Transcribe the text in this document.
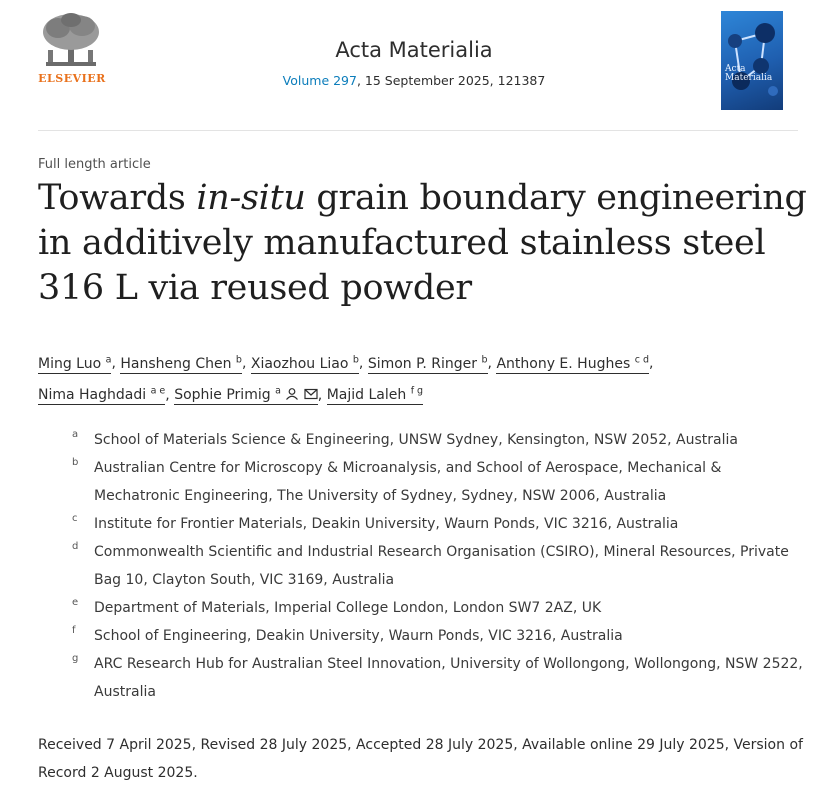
ELSEVIER
Acta Materialia
Volume 297, 15 September 2025, 121387
Acta Materialia
Full length article
Towards in-situ grain boundary engineering in additively manufactured stainless steel 316 L via reused powder
Ming Luo $^a$, Hansheng Chen $^b$, Xiaozhou Liao $^b$, Simon P. Ringer $^b$, Anthony E. Hughes $^{c d}$,
Nima Haghdadi $^{a e}$, Sophie Primig $^a$	, Majid Laleh $^{f g}$
a	School of Materials Science & Engineering, UNSW Sydney, Kensington, NSW 2052, Australia
b	Australian Centre for Microscopy & Microanalysis, and School of Aerospace, Mechanical & Mechatronic Engineering, The University of Sydney, Sydney, NSW 2006, Australia
c	Institute for Frontier Materials, Deakin University, Waurn Ponds, VIC 3216, Australia
d	Commonwealth Scientific and Industrial Research Organisation (CSIRO), Mineral Resources, Private Bag 10, Clayton South, VIC 3169, Australia
e	Department of Materials, Imperial College London, London SW7 2AZ, UK
f	School of Engineering, Deakin University, Waurn Ponds, VIC 3216, Australia
g	ARC Research Hub for Australian Steel Innovation, University of Wollongong, Wollongong, NSW 2522, Australia
Received 7 April 2025, Revised 28 July 2025, Accepted 28 July 2025, Available online 29 July 2025, Version of Record 2 August 2025.
